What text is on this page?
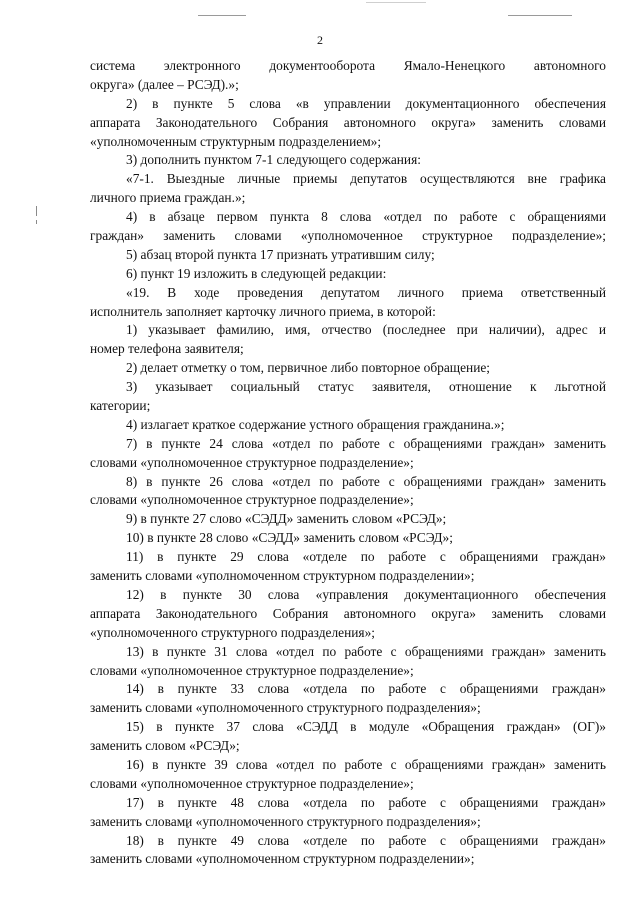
2
система электронного документооборота Ямало-Ненецкого автономного
округа» (далее – РСЭД).»;
2) в пункте 5 слова «в управлении документационного обеспечения
аппарата Законодательного Собрания автономного округа» заменить словами
«уполномоченным структурным подразделением»;
3) дополнить пунктом 7-1 следующего содержания:
«7-1. Выездные личные приемы депутатов осуществляются вне графика
личного приема граждан.»;
4) в абзаце первом пункта 8 слова «отдел по работе с обращениями
граждан» заменить словами «уполномоченное структурное подразделение»;
5) абзац второй пункта 17 признать утратившим силу;
6) пункт 19 изложить в следующей редакции:
«19. В ходе проведения депутатом личного приема ответственный
исполнитель заполняет карточку личного приема, в которой:
1) указывает фамилию, имя, отчество (последнее при наличии), адрес и
номер телефона заявителя;
2) делает отметку о том, первичное либо повторное обращение;
3) указывает социальный статус заявителя, отношение к льготной
категории;
4) излагает краткое содержание устного обращения гражданина.»;
7) в пункте 24 слова «отдел по работе с обращениями граждан» заменить
словами «уполномоченное структурное подразделение»;
8) в пункте 26 слова «отдел по работе с обращениями граждан» заменить
словами «уполномоченное структурное подразделение»;
9) в пункте 27 слово «СЭДД» заменить словом «РСЭД»;
10) в пункте 28 слово «СЭДД» заменить словом «РСЭД»;
11) в пункте 29 слова «отделе по работе с обращениями граждан»
заменить словами «уполномоченном структурном подразделении»;
12) в пункте 30 слова «управления документационного обеспечения
аппарата Законодательного Собрания автономного округа» заменить словами
«уполномоченного структурного подразделения»;
13) в пункте 31 слова «отдел по работе с обращениями граждан» заменить
словами «уполномоченное структурное подразделение»;
14) в пункте 33 слова «отдела по работе с обращениями граждан»
заменить словами «уполномоченного структурного подразделения»;
15) в пункте 37 слова «СЭДД в модуле «Обращения граждан» (ОГ)»
заменить словом «РСЭД»;
16) в пункте 39 слова «отдел по работе с обращениями граждан» заменить
словами «уполномоченное структурное подразделение»;
17) в пункте 48 слова «отдела по работе с обращениями граждан»
заменить словами «уполномоченного структурного подразделения»;
18) в пункте 49 слова «отделе по работе с обращениями граждан»
заменить словами «уполномоченном структурном подразделении»;
